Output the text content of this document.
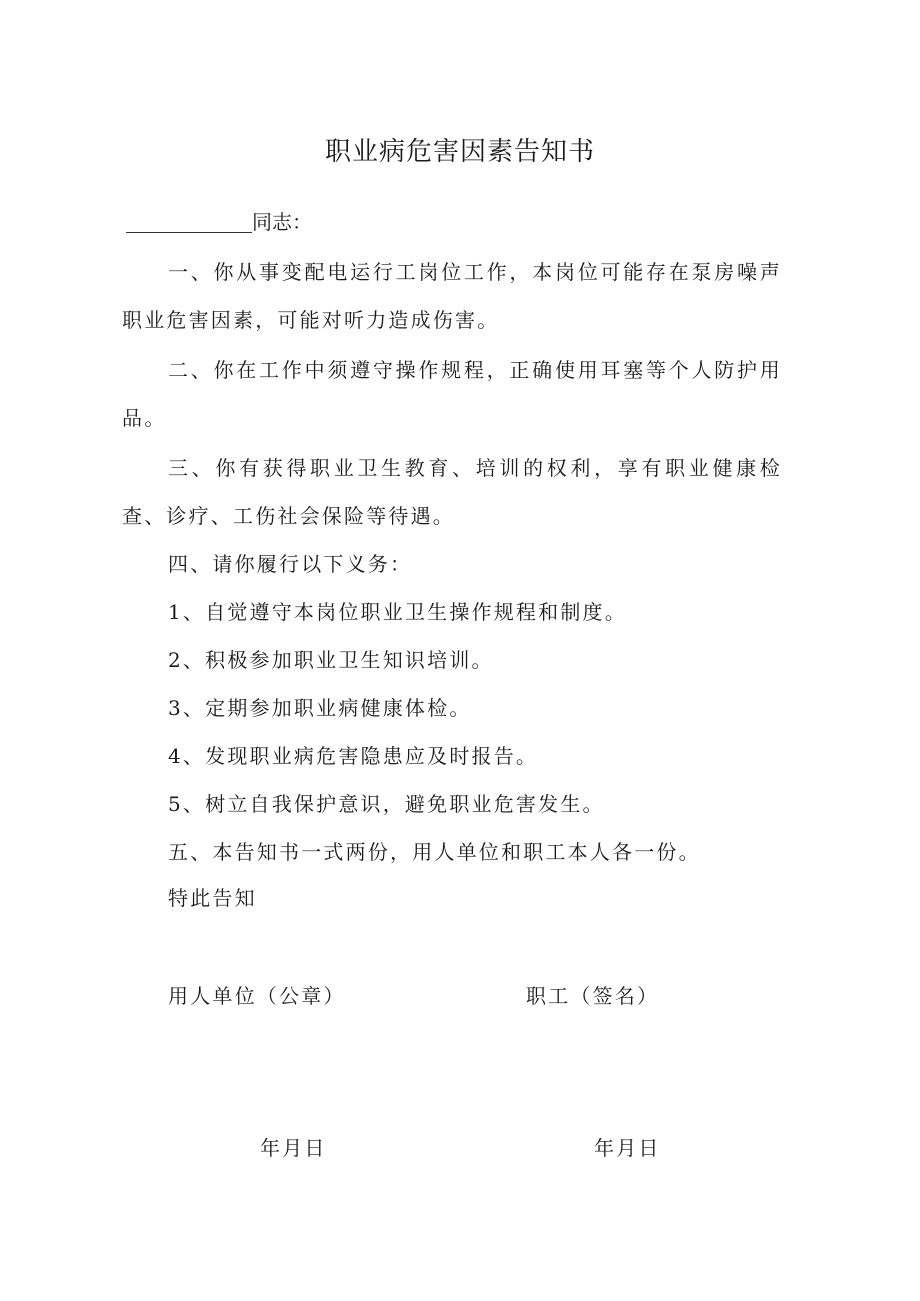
职业病危害因素告知书
同志：
一、你从事变配电运行工岗位工作，本岗位可能存在泵房噪声职业危害因素，可能对听力造成伤害。
二、你在工作中须遵守操作规程，正确使用耳塞等个人防护用品。
三、你有获得职业卫生教育、培训的权利，享有职业健康检查、诊疗、工伤社会保险等待遇。
四、请你履行以下义务：
1、自觉遵守本岗位职业卫生操作规程和制度。
2、积极参加职业卫生知识培训。
3、定期参加职业病健康体检。
4、发现职业病危害隐患应及时报告。
5、树立自我保护意识，避免职业危害发生。
五、本告知书一式两份，用人单位和职工本人各一份。
特此告知
用人单位（公章）	职工（签名）
年月日	年月日
